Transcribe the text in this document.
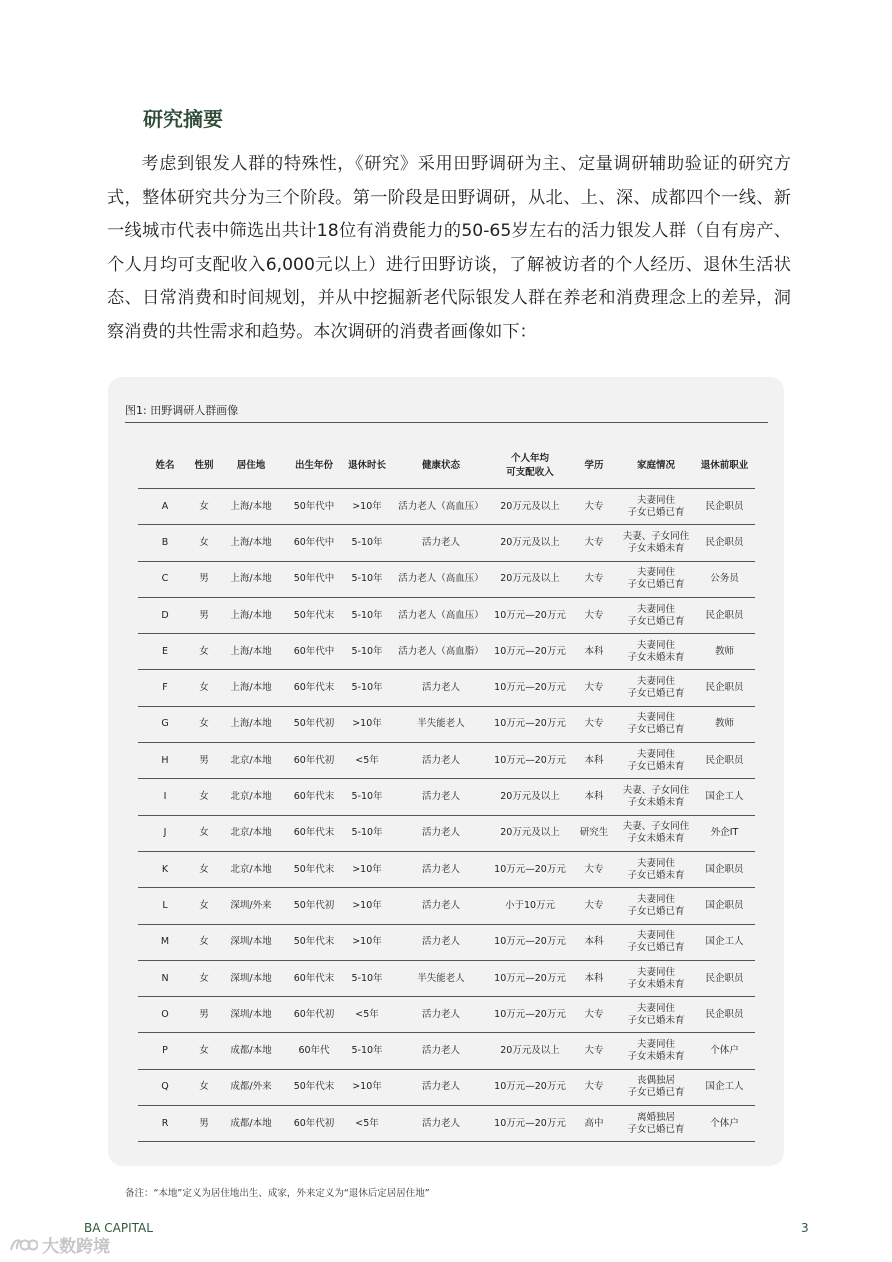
研究摘要

考虑到银发人群的特殊性，《研究》采用田野调研为主、定量调研辅助验证的研究方式，整体研究共分为三个阶段。第一阶段是田野调研，从北、上、深、成都四个一线、新一线城市代表中筛选出共计18位有消费能力的50-65岁左右的活力银发人群（自有房产、个人月均可支配收入6,000元以上）进行田野访谈，了解被访者的个人经历、退休生活状态、日常消费和时间规划，并从中挖掘新老代际银发人群在养老和消费理念上的差异，洞察消费的共性需求和趋势。本次调研的消费者画像如下：

图1: 田野调研人群画像
姓名	性别	居住地	出生年份	退休时长	健康状态	个人年均
可支配收入	学历	家庭情况	退休前职业
A	女	上海/本地	50年代中	>10年	活力老人（高血压）	20万元及以上	大专	夫妻同住
子女已婚已育	民企职员
B	女	上海/本地	60年代中	5-10年	活力老人	20万元及以上	大专	夫妻、子女同住
子女未婚未育	民企职员
C	男	上海/本地	50年代中	5-10年	活力老人（高血压）	20万元及以上	大专	夫妻同住
子女已婚已育	公务员
D	男	上海/本地	50年代末	5-10年	活力老人（高血压）	10万元—20万元	大专	夫妻同住
子女已婚已育	民企职员
E	女	上海/本地	60年代中	5-10年	活力老人（高血脂）	10万元—20万元	本科	夫妻同住
子女未婚未育	教师
F	女	上海/本地	60年代末	5-10年	活力老人	10万元—20万元	大专	夫妻同住
子女已婚已育	民企职员
G	女	上海/本地	50年代初	>10年	半失能老人	10万元—20万元	大专	夫妻同住
子女已婚已育	教师
H	男	北京/本地	60年代初	<5年	活力老人	10万元—20万元	本科	夫妻同住
子女已婚未育	民企职员
I	女	北京/本地	60年代末	5-10年	活力老人	20万元及以上	本科	夫妻、子女同住
子女未婚未育	国企工人
J	女	北京/本地	60年代末	5-10年	活力老人	20万元及以上	研究生	夫妻、子女同住
子女未婚未育	外企IT
K	女	北京/本地	50年代末	>10年	活力老人	10万元—20万元	大专	夫妻同住
子女已婚未育	国企职员
L	女	深圳/外来	50年代初	>10年	活力老人	小于10万元	大专	夫妻同住
子女已婚已育	国企职员
M	女	深圳/本地	50年代末	>10年	活力老人	10万元—20万元	本科	夫妻同住
子女已婚已育	国企工人
N	女	深圳/本地	60年代末	5-10年	半失能老人	10万元—20万元	本科	夫妻同住
子女未婚未育	民企职员
O	男	深圳/本地	60年代初	<5年	活力老人	10万元—20万元	大专	夫妻同住
子女已婚未育	民企职员
P	女	成都/本地	60年代	5-10年	活力老人	20万元及以上	大专	夫妻同住
子女未婚未育	个体户
Q	女	成都/外来	50年代末	>10年	活力老人	10万元—20万元	大专	丧偶独居
子女已婚已育	国企工人
R	男	成都/本地	60年代初	<5年	活力老人	10万元—20万元	高中	离婚独居
子女已婚已育	个体户
备注：“本地”定义为居住地出生、成家，外来定义为“退休后定居居住地”
BA CAPITAL	3
大数跨境
